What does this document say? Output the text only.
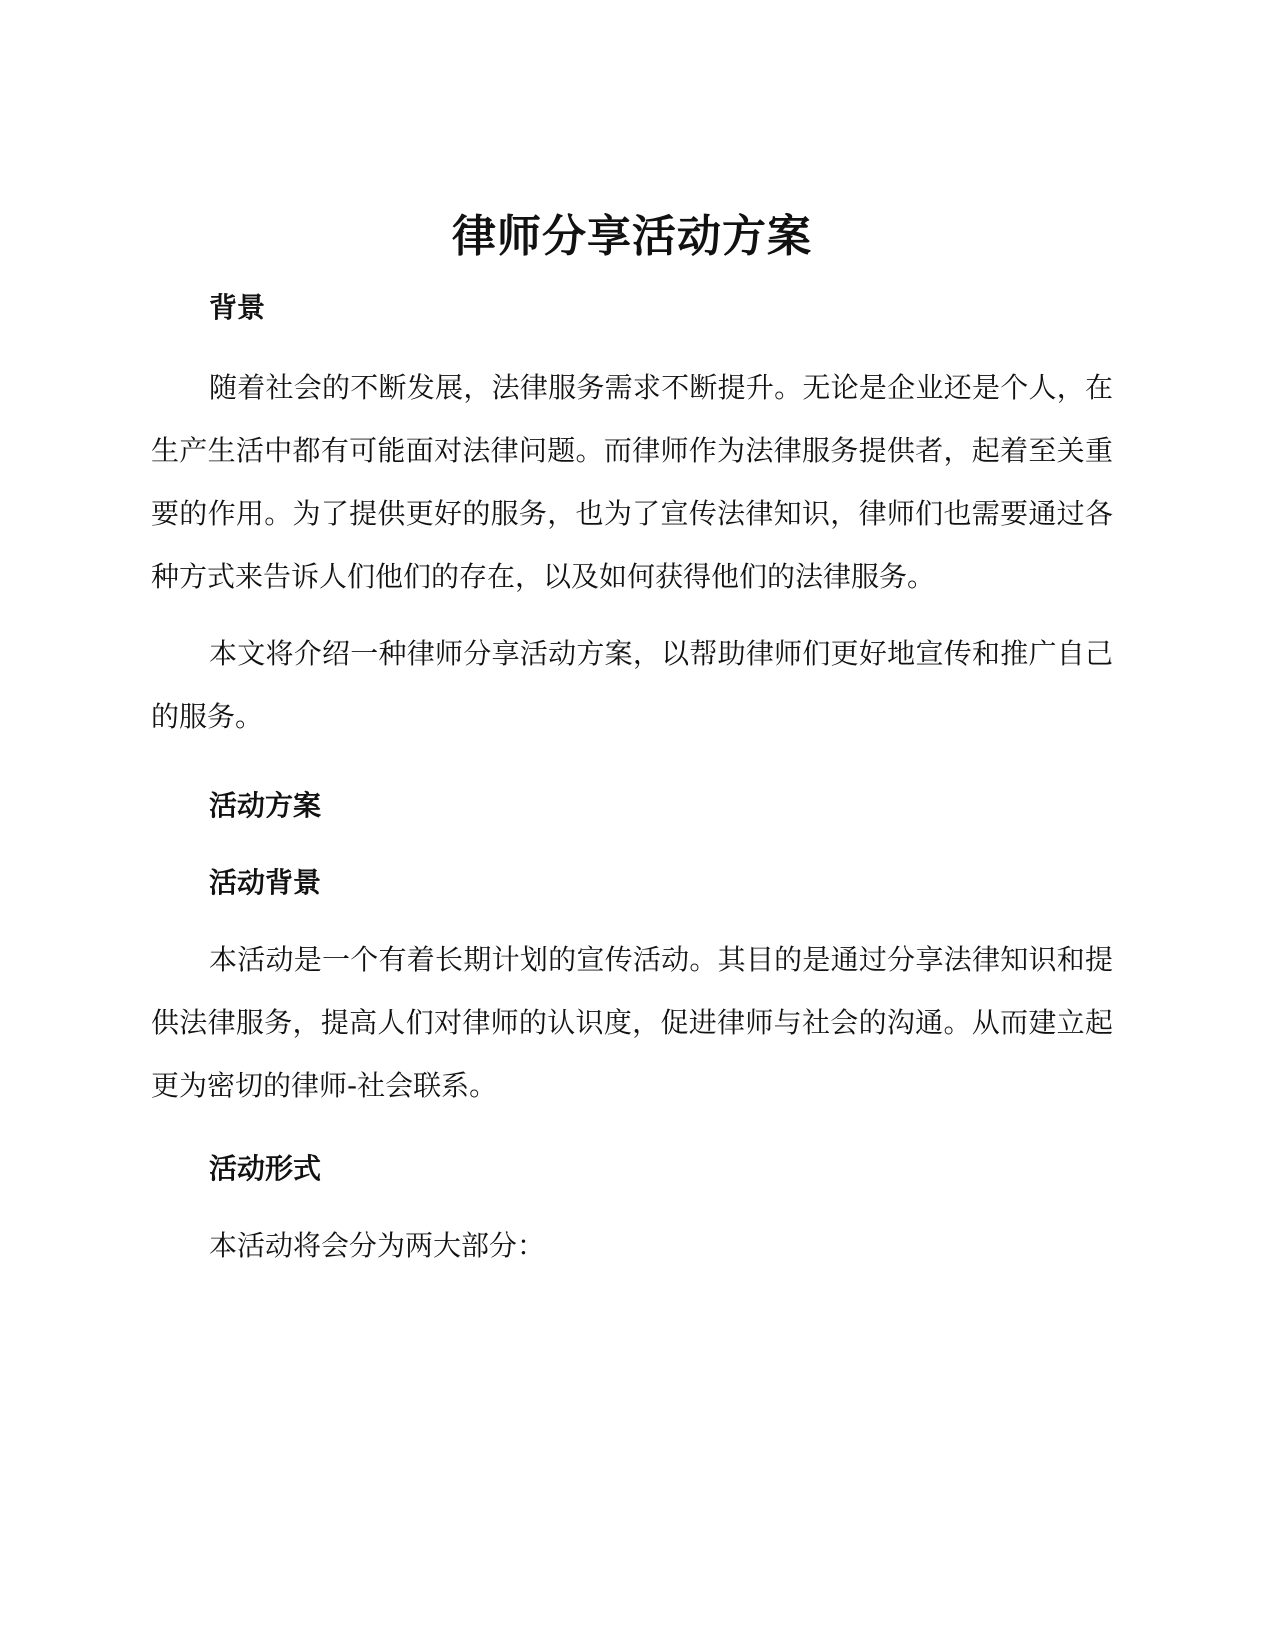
律师分享活动方案
背景

随着社会的不断发展，法律服务需求不断提升。无论是企业还是个人，在生产生活中都有可能面对法律问题。而律师作为法律服务提供者，起着至关重要的作用。为了提供更好的服务，也为了宣传法律知识，律师们也需要通过各种方式来告诉人们他们的存在，以及如何获得他们的法律服务。

本文将介绍一种律师分享活动方案，以帮助律师们更好地宣传和推广自己的服务。

活动方案
活动背景

本活动是一个有着长期计划的宣传活动。其目的是通过分享法律知识和提供法律服务，提高人们对律师的认识度，促进律师与社会的沟通。从而建立起更为密切的律师-社会联系。

活动形式

本活动将会分为两大部分：
